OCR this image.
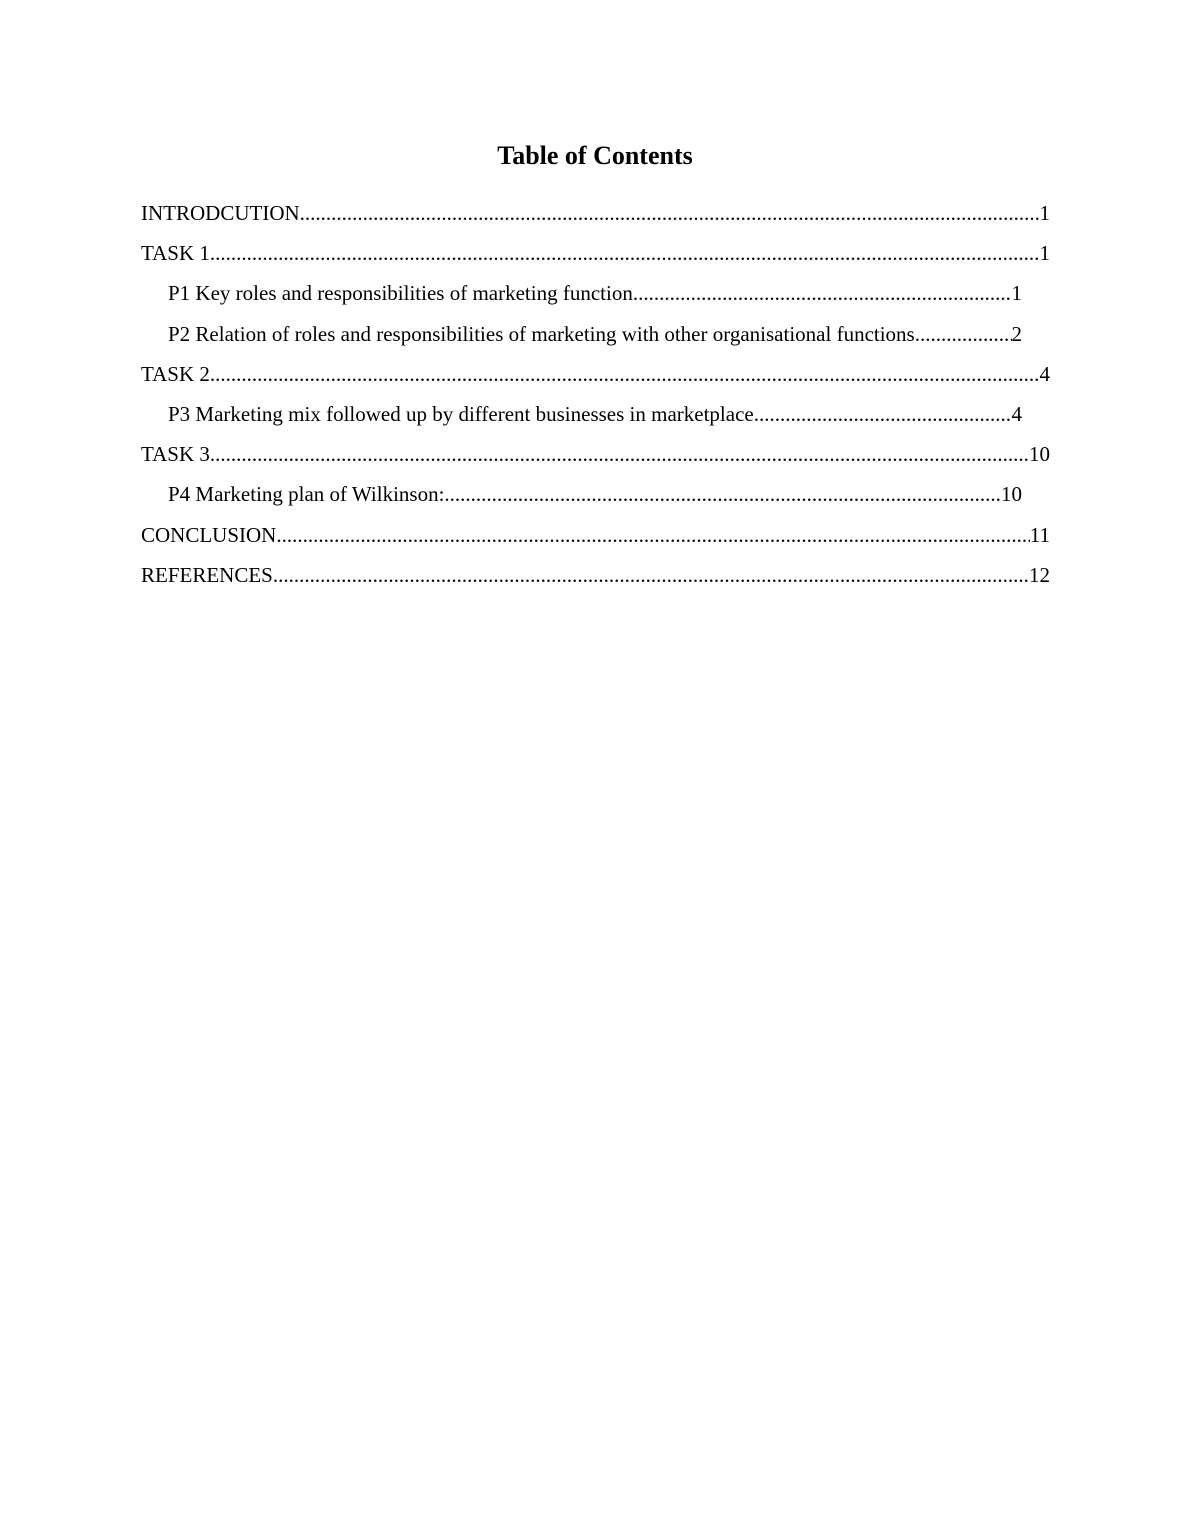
Table of Contents
INTRODCUTION .....	1
TASK 1 .....	1
P1 Key roles and responsibilities of marketing function .....	1
P2 Relation of roles and responsibilities of marketing with other organisational functions .....	2
TASK 2 .....	4
P3 Marketing mix followed up by different businesses in marketplace .....	4
TASK 3 .....	10
P4 Marketing plan of Wilkinson: .....	10
CONCLUSION .....	11
REFERENCES .....	12
